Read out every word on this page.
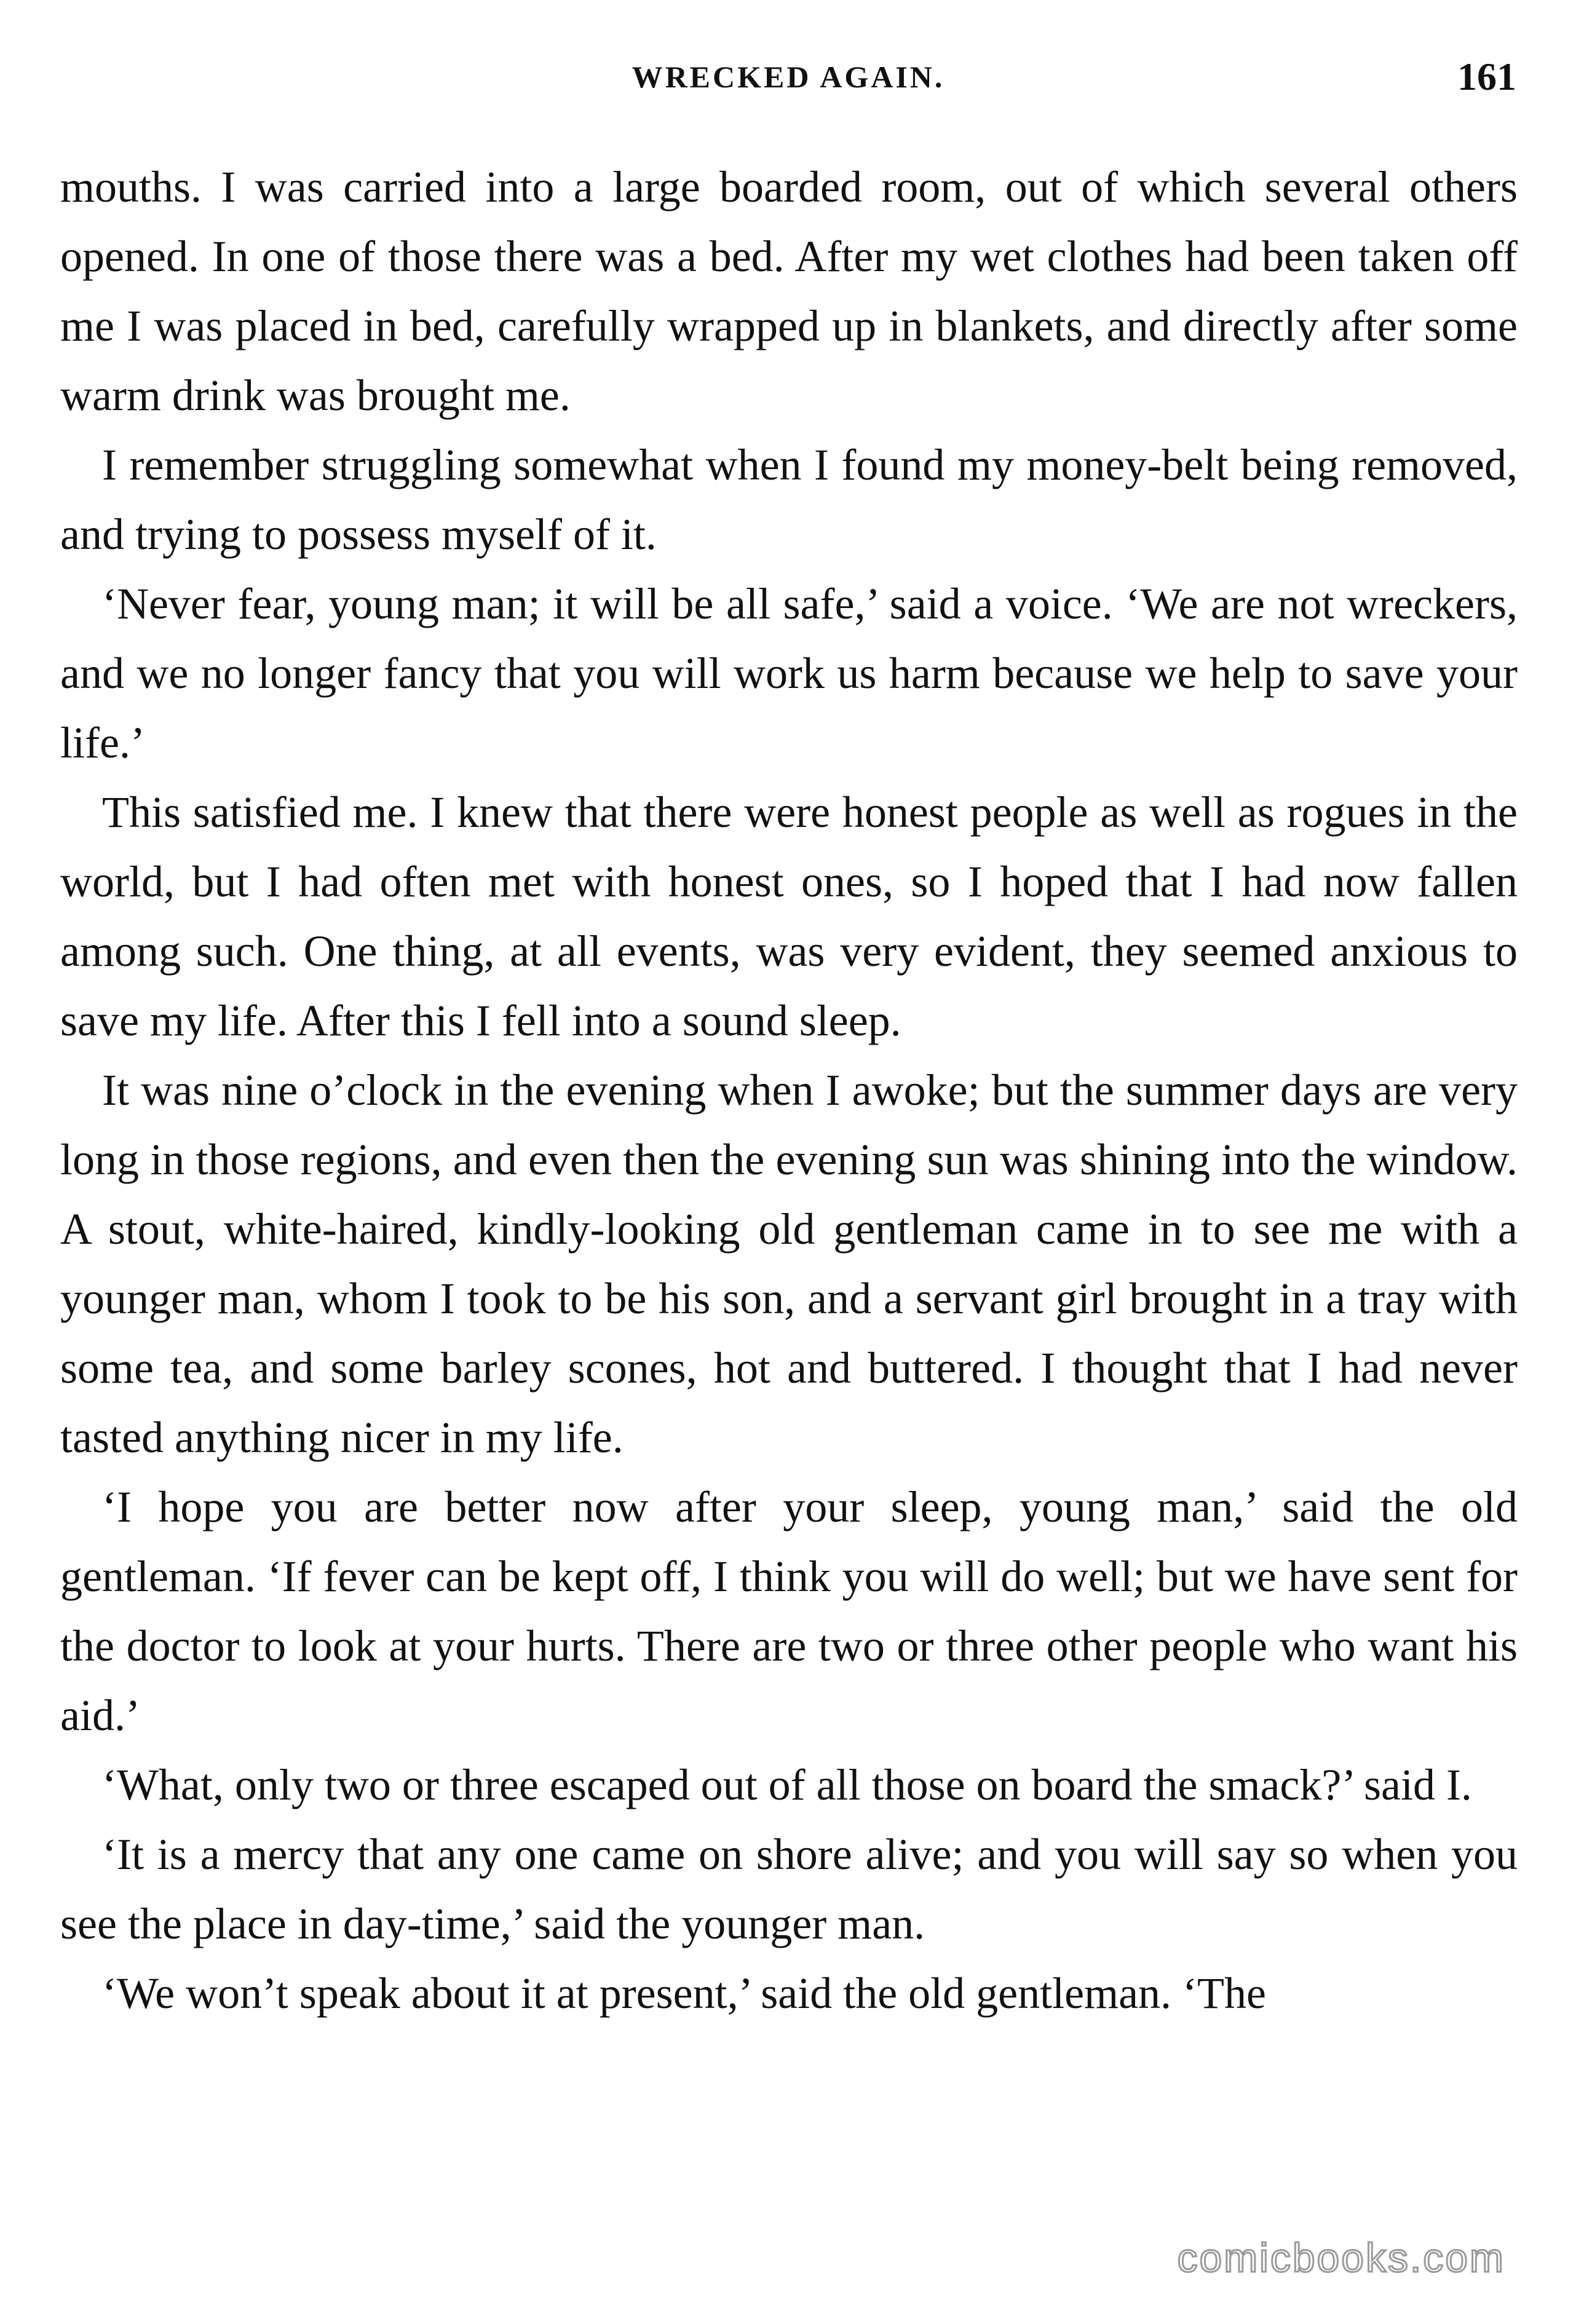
WRECKED AGAIN.	161

mouths. I was carried into a large boarded room, out of which several others opened. In one of those there was a bed. After my wet clothes had been taken off me I was placed in bed, carefully wrapped up in blankets, and directly after some warm drink was brought me.

I remember struggling somewhat when I found my money-belt being removed, and trying to possess myself of it.

‘Never fear, young man; it will be all safe,’ said a voice. ‘We are not wreckers, and we no longer fancy that you will work us harm because we help to save your life.’

This satisfied me. I knew that there were honest people as well as rogues in the world, but I had often met with honest ones, so I hoped that I had now fallen among such. One thing, at all events, was very evident, they seemed anxious to save my life. After this I fell into a sound sleep.

It was nine o’clock in the evening when I awoke; but the summer days are very long in those regions, and even then the evening sun was shining into the window. A stout, white-haired, kindly-looking old gentleman came in to see me with a younger man, whom I took to be his son, and a servant girl brought in a tray with some tea, and some barley scones, hot and buttered. I thought that I had never tasted anything nicer in my life.

‘I hope you are better now after your sleep, young man,’ said the old gentleman. ‘If fever can be kept off, I think you will do well; but we have sent for the doctor to look at your hurts. There are two or three other people who want his aid.’

‘What, only two or three escaped out of all those on board the smack?’ said I.

‘It is a mercy that any one came on shore alive; and you will say so when you see the place in day-time,’ said the younger man.

‘We won’t speak about it at present,’ said the old gentleman. ‘The

comicbooks.com
